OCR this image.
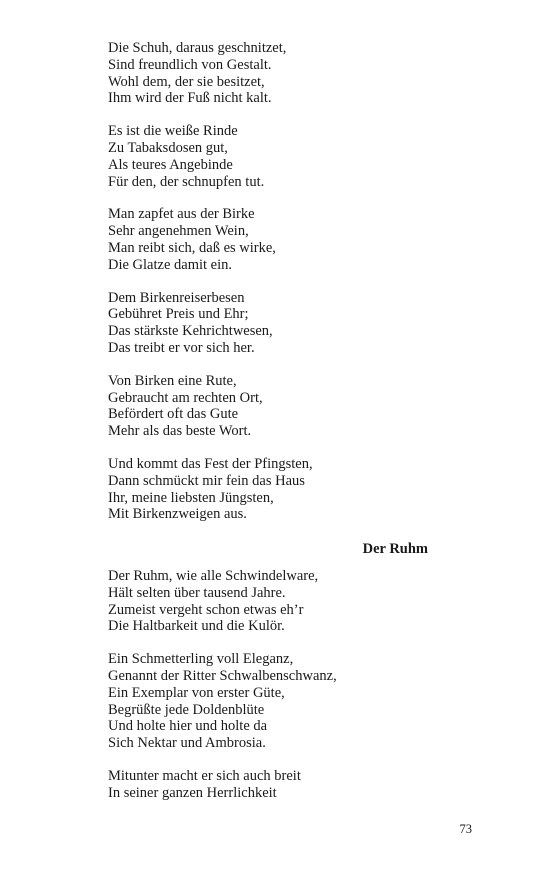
Die Schuh, daraus geschnitzet,
Sind freundlich von Gestalt.
Wohl dem, der sie besitzet,
Ihm wird der Fuß nicht kalt.
Es ist die weiße Rinde
Zu Tabaksdosen gut,
Als teures Angebinde
Für den, der schnupfen tut.
Man zapfet aus der Birke
Sehr angenehmen Wein,
Man reibt sich, daß es wirke,
Die Glatze damit ein.
Dem Birkenreiserbesen
Gebühret Preis und Ehr;
Das stärkste Kehrichtwesen,
Das treibt er vor sich her.
Von Birken eine Rute,
Gebraucht am rechten Ort,
Befördert oft das Gute
Mehr als das beste Wort.
Und kommt das Fest der Pfingsten,
Dann schmückt mir fein das Haus
Ihr, meine liebsten Jüngsten,
Mit Birkenzweigen aus.
Der Ruhm
Der Ruhm, wie alle Schwindelware,
Hält selten über tausend Jahre.
Zumeist vergeht schon etwas eh’r
Die Haltbarkeit und die Kulör.
Ein Schmetterling voll Eleganz,
Genannt der Ritter Schwalbenschwanz,
Ein Exemplar von erster Güte,
Begrüßte jede Doldenblüte
Und holte hier und holte da
Sich Nektar und Ambrosia.
Mitunter macht er sich auch breit
In seiner ganzen Herrlichkeit
73
